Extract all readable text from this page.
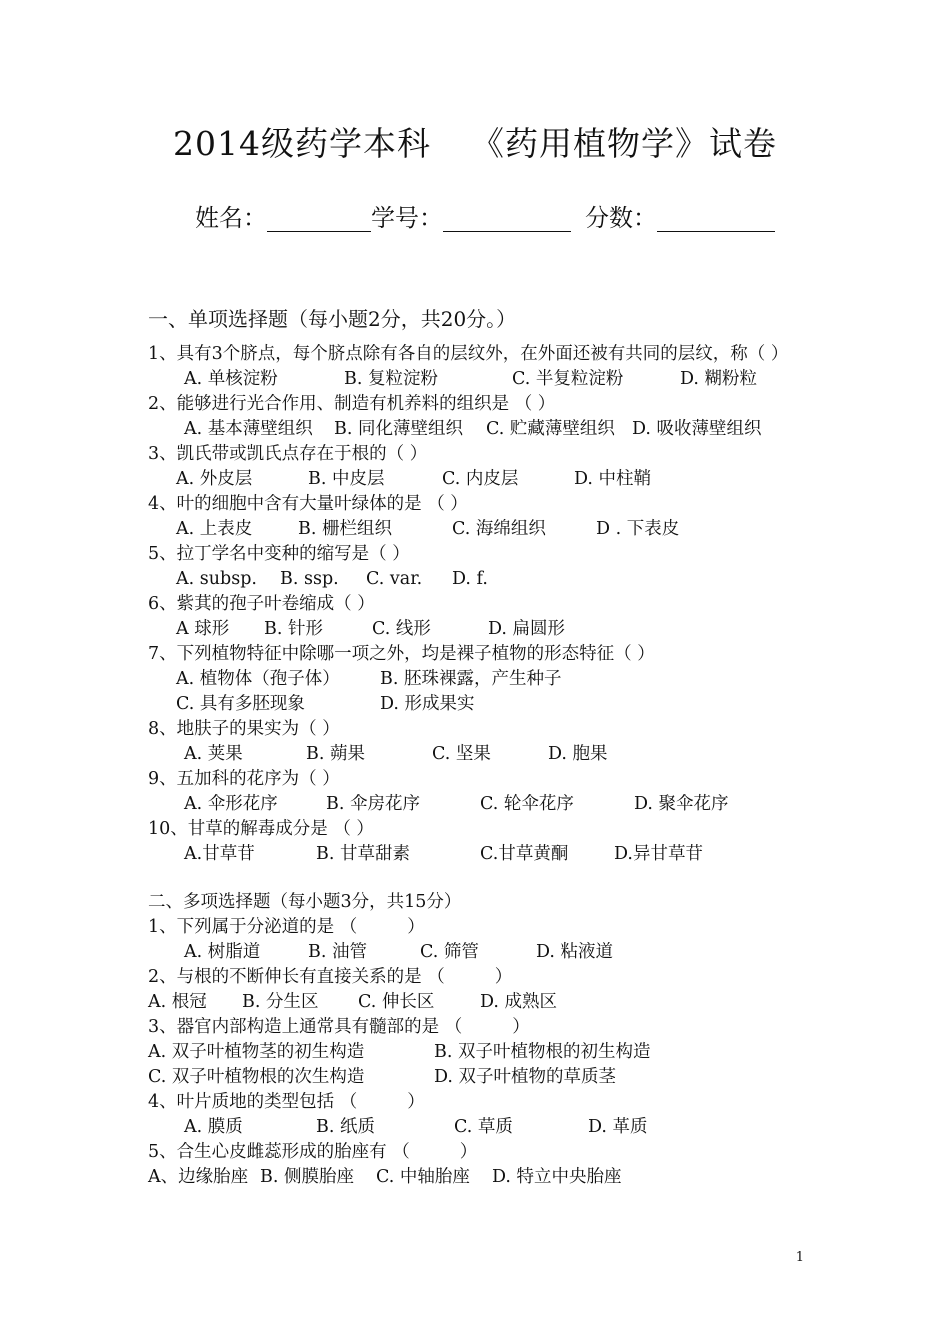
2014级药学本科 《药用植物学》试卷
姓名：	学号：	分数：
一、单项选择题（每小题2分，共20分。）
1、具有3个脐点，每个脐点除有各自的层纹外，在外面还被有共同的层纹，称（ ）
A. 单核淀粉	B. 复粒淀粉	C. 半复粒淀粉	D. 糊粉粒
2、能够进行光合作用、制造有机养料的组织是 （ ）
A. 基本薄壁组织 B. 同化薄壁组织 C. 贮藏薄壁组织 D. 吸收薄壁组织
3、凯氏带或凯氏点存在于根的（ ）
A. 外皮层	B. 中皮层	C. 内皮层	D. 中柱鞘
4、叶的细胞中含有大量叶绿体的是 （ ）
A. 上表皮	B. 栅栏组织	C. 海绵组织	D . 下表皮
5、拉丁学名中变种的缩写是（ ）
A. subsp. B. ssp. C. var. D. f.
6、紫萁的孢子叶卷缩成（ ）
A 球形 B. 针形	C. 线形	D. 扁圆形
7、下列植物特征中除哪一项之外，均是裸子植物的形态特征（ ）
A. 植物体（孢子体） B. 胚珠裸露，产生种子
C. 具有多胚现象	D. 形成果实
8、地肤子的果实为（ ）
A. 荚果	B. 蒴果	C. 坚果	D. 胞果
9、五加科的花序为（ ）
A. 伞形花序	B. 伞房花序	C. 轮伞花序	D. 聚伞花序
10、甘草的解毒成分是 （ ）
A.甘草苷	B. 甘草甜素	C.甘草黄酮	D.异甘草苷
二、多项选择题（每小题3分，共15分）
1、下列属于分泌道的是 （         ）
A. 树脂道	B. 油管	C. 筛管	D. 粘液道
2、与根的不断伸长有直接关系的是 （         ）
A. 根冠 B. 分生区 C. 伸长区	D. 成熟区
3、器官内部构造上通常具有髓部的是 （         ）
A. 双子叶植物茎的初生构造	B. 双子叶植物根的初生构造
C. 双子叶植物根的次生构造	D. 双子叶植物的草质茎
4、叶片质地的类型包括 （         ）
A. 膜质	B. 纸质	C. 草质	D. 革质
5、合生心皮雌蕊形成的胎座有 （         ）
A、边缘胎座 B. 侧膜胎座 C. 中轴胎座 D. 特立中央胎座
1
